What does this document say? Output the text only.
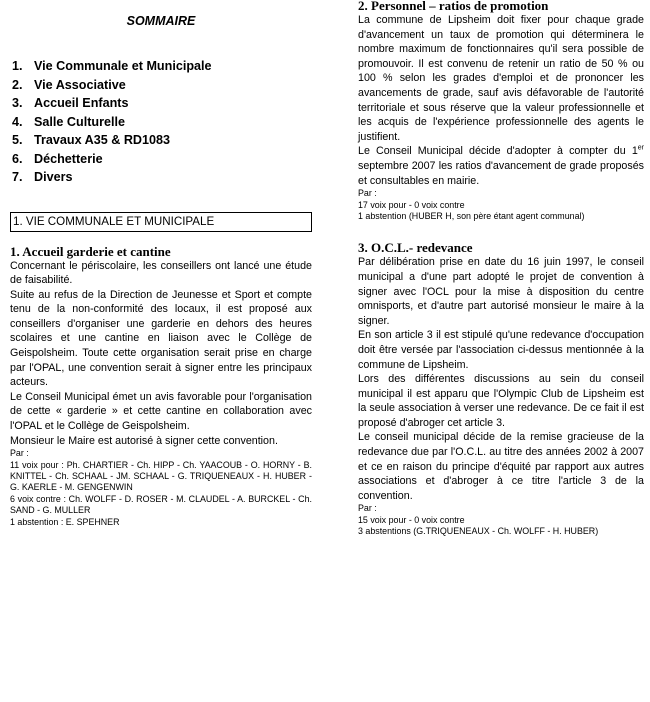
SOMMAIRE
1. Vie Communale et Municipale
2. Vie Associative
3. Accueil Enfants
4. Salle Culturelle
5. Travaux A35 & RD1083
6. Déchetterie
7. Divers
1. VIE COMMUNALE ET MUNICIPALE
1. Accueil garderie et cantine

Concernant le périscolaire, les conseillers ont lancé une étude de faisabilité.

Suite au refus de la Direction de Jeunesse et Sport et compte tenu de la non-conformité des locaux, il est proposé aux conseillers d'organiser une garderie en dehors des heures scolaires et une cantine en liaison avec le Collège de Geispolsheim. Toute cette organisation serait prise en charge par l'OPAL, une convention serait à signer entre les principaux acteurs.

Le Conseil Municipal émet un avis favorable pour l'organisation de cette « garderie » et cette cantine en collaboration avec l'OPAL et le Collège de Geispolsheim.

Monsieur le Maire est autorisé à signer cette convention.

Par :

11 voix pour : Ph. CHARTIER - Ch. HIPP - Ch. YAACOUB - O. HORNY - B. KNITTEL - Ch. SCHAAL - JM. SCHAAL - G. TRIQUENEAUX - H. HUBER - G. KAERLE - M. GENGENWIN

6 voix contre : Ch. WOLFF - D. ROSER - M. CLAUDEL - A. BURCKEL - Ch. SAND - G. MULLER

1 abstention : E. SPEHNER

2. Personnel – ratios de promotion

La commune de Lipsheim doit fixer pour chaque grade d'avancement un taux de promotion qui déterminera le nombre maximum de fonctionnaires qu'il sera possible de promouvoir. Il est convenu de retenir un ratio de 50 % ou 100 % selon les grades d'emploi et de prononcer les avancements de grade, sauf avis défavorable de l'autorité territoriale et sous réserve que la valeur professionnelle et les acquis de l'expérience professionnelle des agents le justifient.

Le Conseil Municipal décide d'adopter à compter du 1er septembre 2007 les ratios d'avancement de grade proposés et consultables en mairie.

Par :

17 voix pour - 0 voix contre

1 abstention (HUBER H, son père étant agent communal)

3. O.C.L.- redevance

Par délibération prise en date du 16 juin 1997, le conseil municipal a d'une part adopté le projet de convention à signer avec l'OCL pour la mise à disposition du centre omnisports, et d'autre part autorisé monsieur le maire à la signer.

En son article 3 il est stipulé qu'une redevance d'occupation doit être versée par l'association ci-dessus mentionnée à la commune de Lipsheim.

Lors des différentes discussions au sein du conseil municipal il est apparu que l'Olympic Club de Lipsheim est la seule association à verser une redevance. De ce fait il est proposé d'abroger cet article 3.

Le conseil municipal décide de la remise gracieuse de la redevance due par l'O.C.L. au titre des années 2002 à 2007 et ce en raison du principe d'équité par rapport aux autres associations et d'abroger à ce titre l'article 3 de la convention.

Par :

15 voix pour - 0 voix contre

3 abstentions (G.TRIQUENEAUX - Ch. WOLFF - H. HUBER)
